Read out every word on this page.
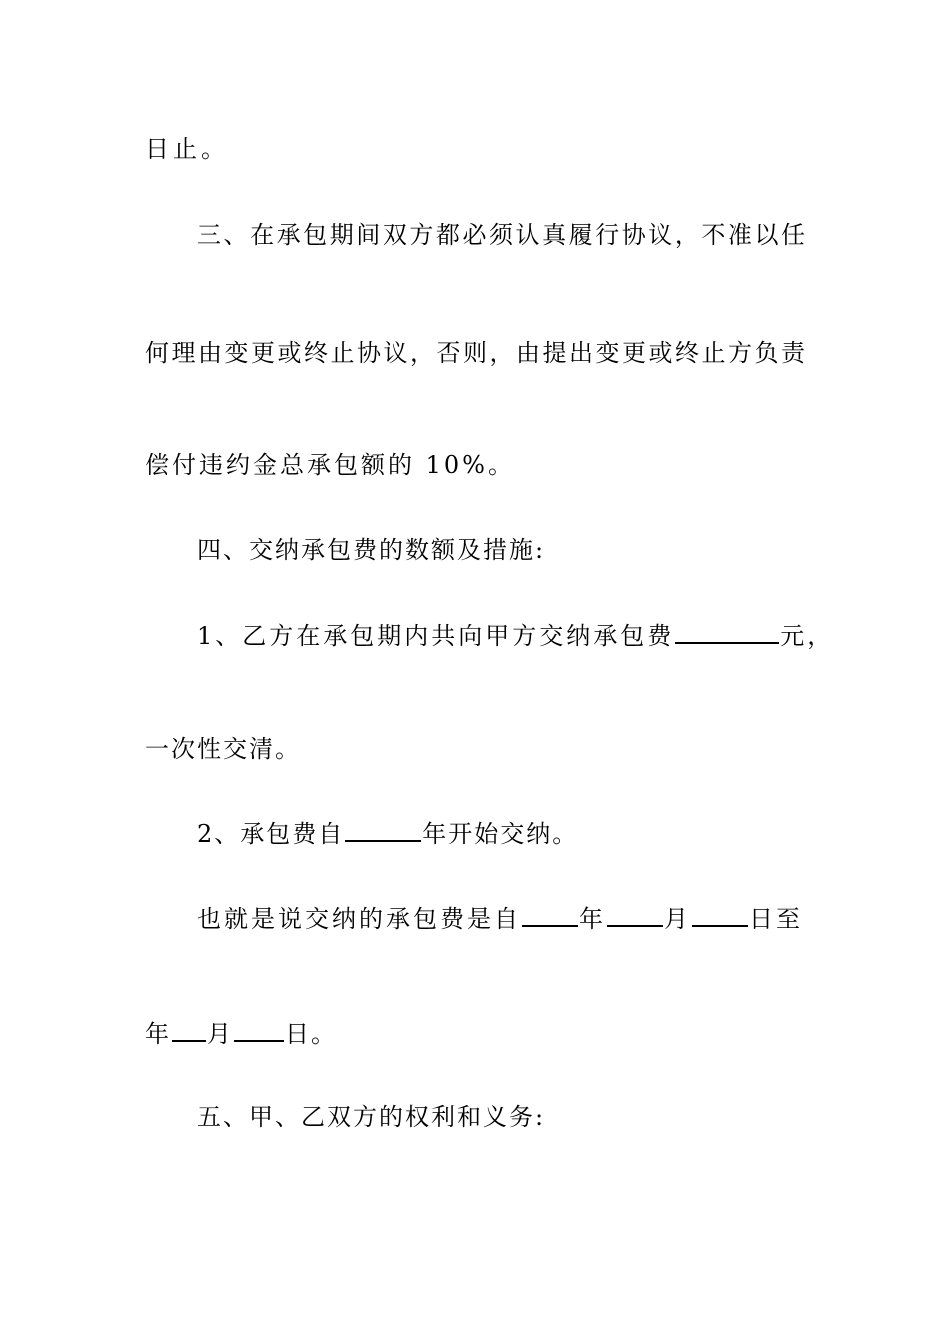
日止。
三、在承包期间双方都必须认真履行协议，不准以任
何理由变更或终止协议，否则，由提出变更或终止方负责
偿付违约金总承包额的 10%。
四、交纳承包费的数额及措施:
1、乙方在承包期内共向甲方交纳承包费	元，
一次性交清。
2、承包费自	年开始交纳。
也就是说交纳的承包费是自 年 月 日至
年 月 日。
五、甲、乙双方的权利和义务:
